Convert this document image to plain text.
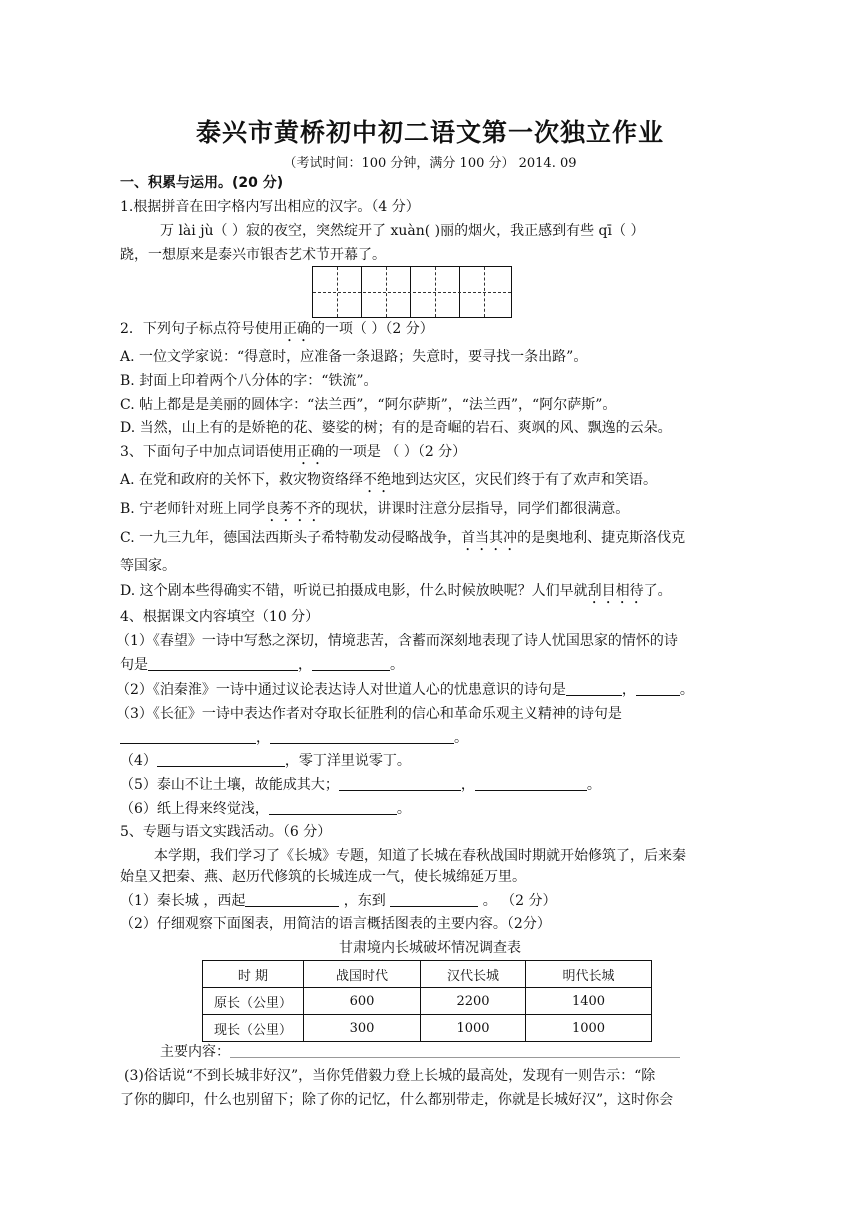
泰兴市黄桥初中初二语文第一次独立作业
（考试时间：100 分钟，满分 100 分） 2014. 09
一、积累与运用。(20 分)
1.根据拼音在田字格内写出相应的汉字。（4 分）
万 lài jù（ ）寂的夜空，突然绽开了 xuàn( )丽的烟火，我正感到有些 qī（ ）
跷，一想原来是泰兴市银杏艺术节开幕了。
2．下列句子标点符号使用正确的一项（ ）（2 分）
A. 一位文学家说：“得意时，应准备一条退路；失意时，要寻找一条出路”。
B. 封面上印着两个八分体的字：“铁流”。
C. 帖上都是是美丽的圆体字：“法兰西”，“阿尔萨斯”，“法兰西”，“阿尔萨斯”。
D. 当然，山上有的是娇艳的花、婆娑的树；有的是奇崛的岩石、爽飒的风、飘逸的云朵。
3、下面句子中加点词语使用正确的一项是 （ ）（2 分）
A. 在党和政府的关怀下，救灾物资络绎不绝地到达灾区，灾民们终于有了欢声和笑语。
B. 宁老师针对班上同学良莠不齐的现状，讲课时注意分层指导，同学们都很满意。
C. 一九三九年，德国法西斯头子希特勒发动侵略战争，首当其冲的是奥地利、捷克斯洛伐克
等国家。
D. 这个剧本些得确实不错，听说已拍摄成电影，什么时候放映呢？人们早就刮目相待了。
4、根据课文内容填空（10 分）
（1）《春望》一诗中写愁之深切，情境悲苦，含蓄而深刻地表现了诗人忧国思家的情怀的诗
句是	，	。
（2）《泊秦淮》一诗中通过议论表达诗人对世道人心的忧患意识的诗句是	，	。
（3）《长征》一诗中表达作者对夺取长征胜利的信心和革命乐观主义精神的诗句是
，	。
（4）	，零丁洋里说零丁。
（5）泰山不让土壤，故能成其大；	，	。
（6）纸上得来终觉浅，	。
5、专题与语文实践活动。（6 分）
本学期，我们学习了《长城》专题，知道了长城在春秋战国时期就开始修筑了，后来秦
始皇又把秦、燕、赵历代修筑的长城连成一气，使长城绵延万里。
（1）秦长城 ，西起	，东到	。 （2 分）
（2）仔细观察下面图表，用简洁的语言概括图表的主要内容。（2分）
甘肃境内长城破坏情况调查表
时 期	战国时代	汉代长城	明代长城
原长（公里）	600	2200	1400
现长（公里）	300	1000	1000
主要内容：
(3)俗话说“不到长城非好汉”，当你凭借毅力登上长城的最高处，发现有一则告示：“除
了你的脚印，什么也别留下；除了你的记忆，什么都别带走，你就是长城好汉”，这时你会
